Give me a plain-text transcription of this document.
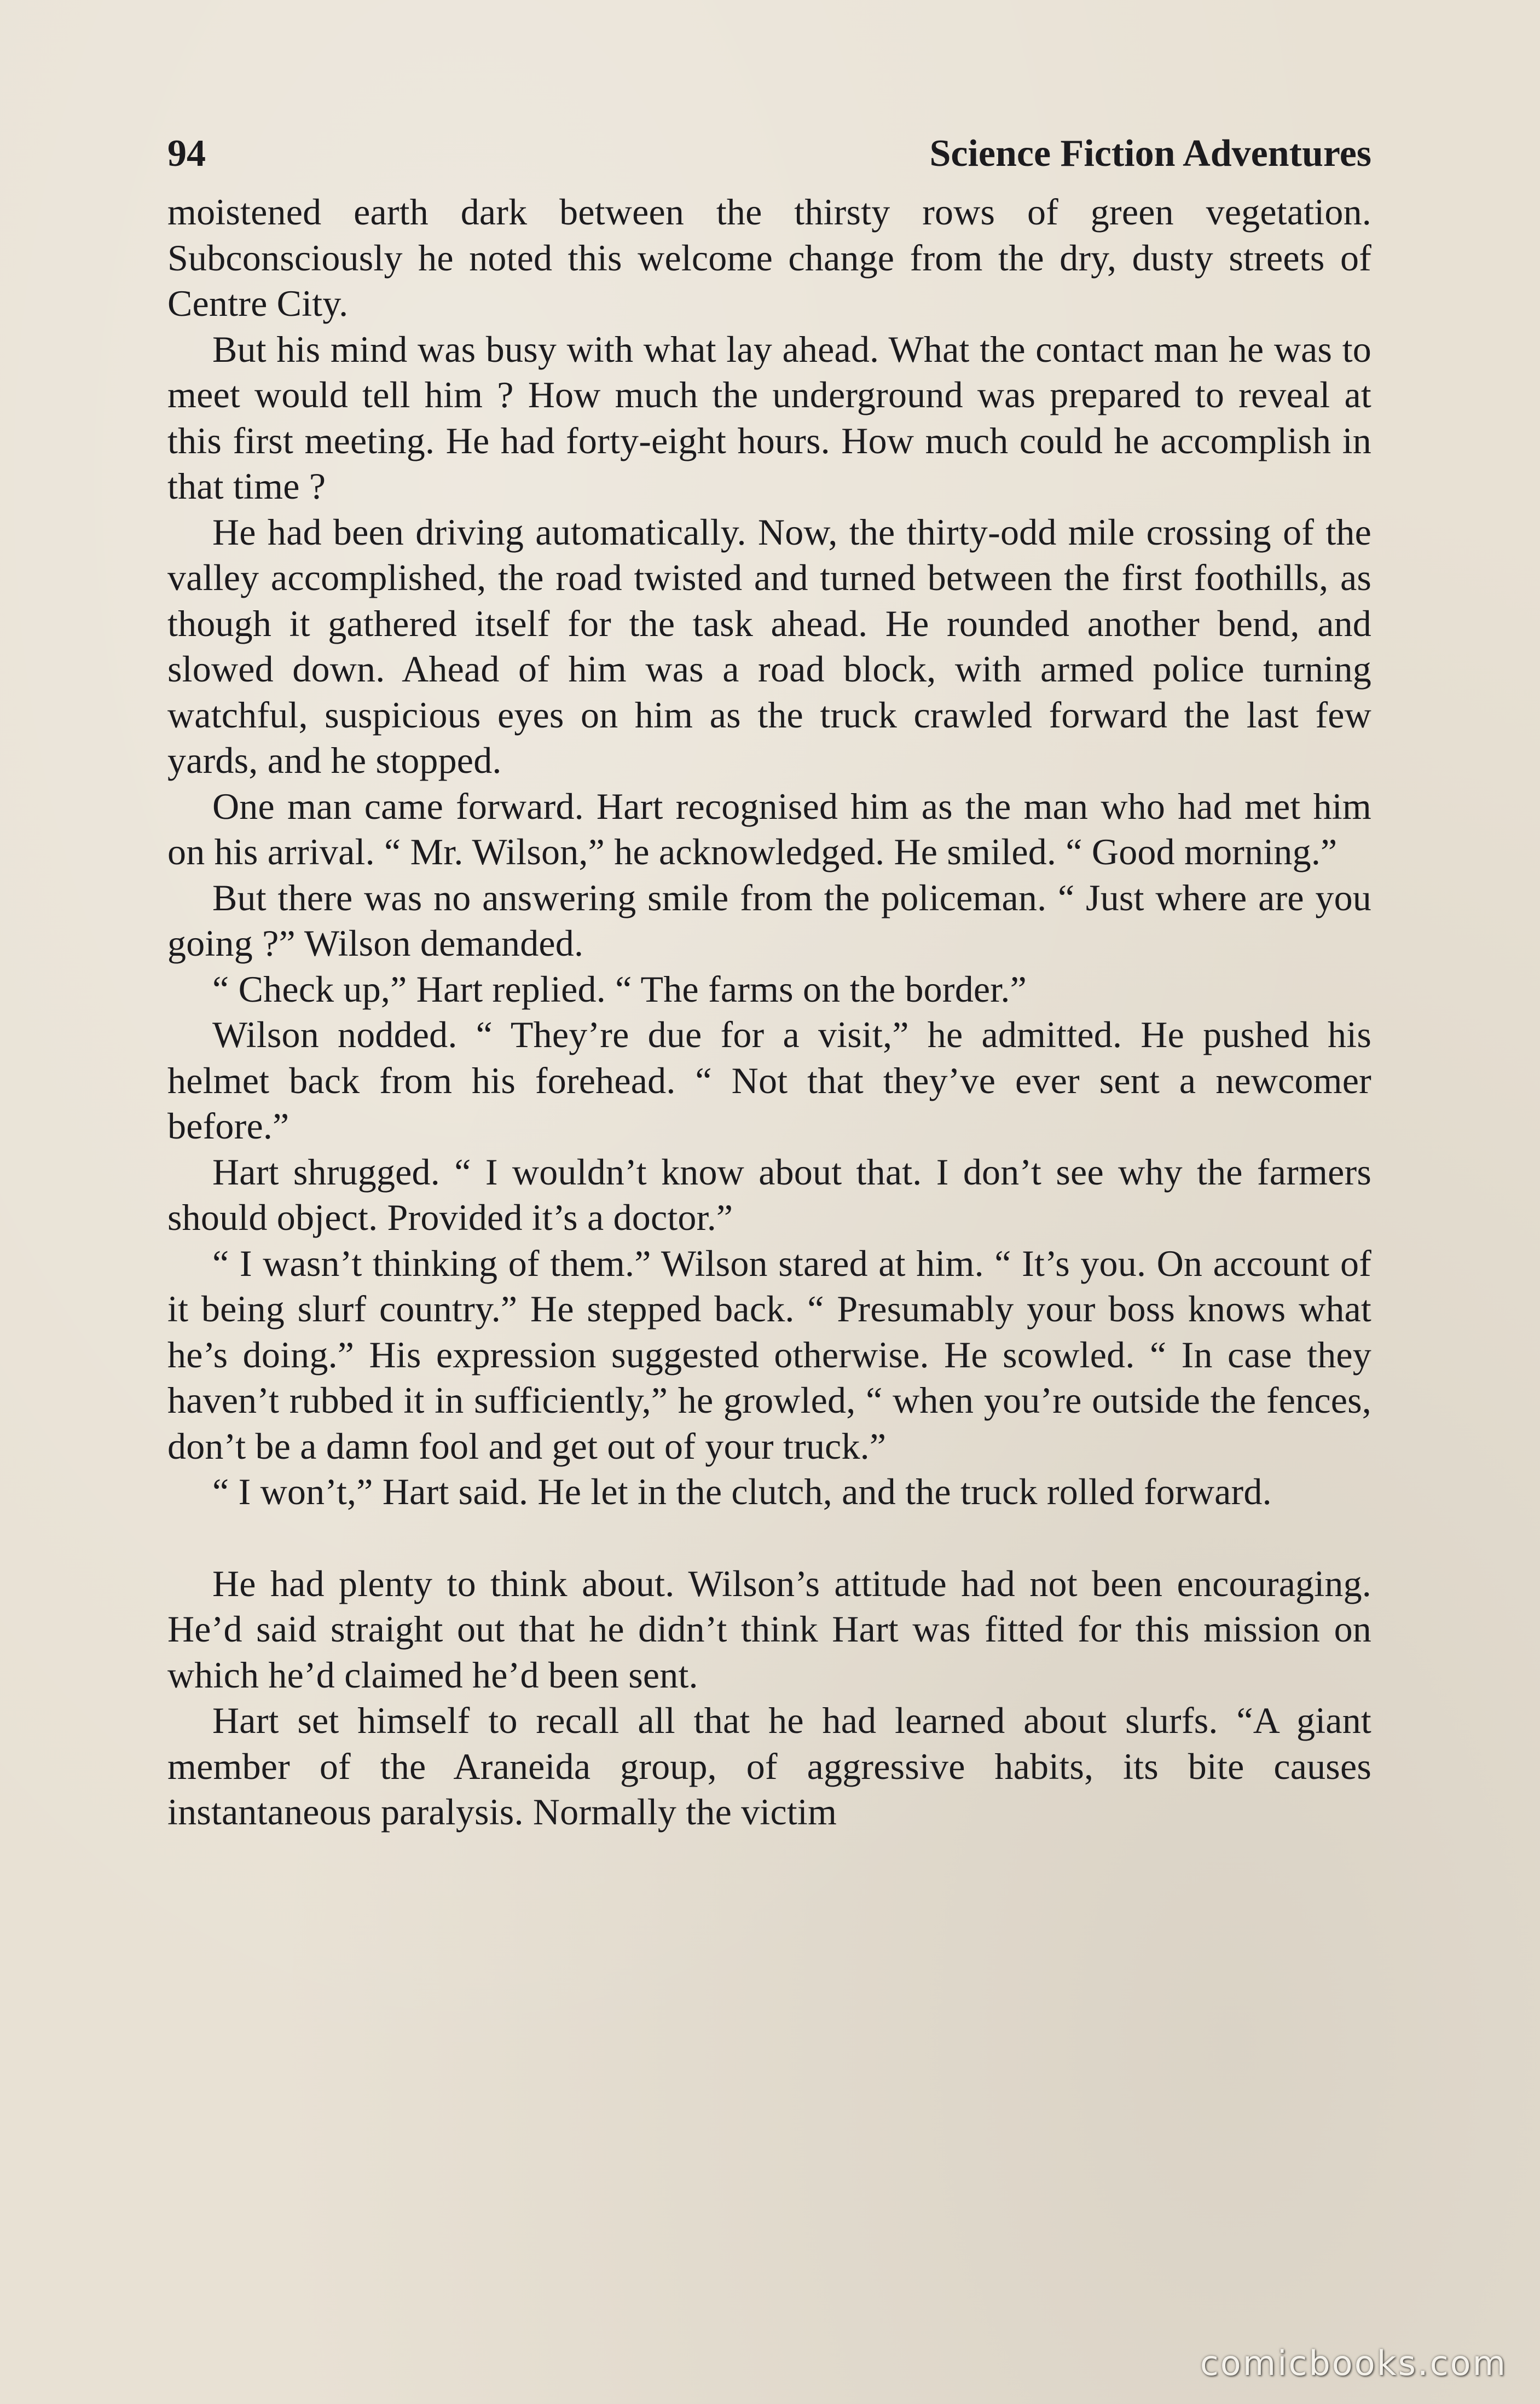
94	Science Fiction Adventures

moistened earth dark between the thirsty rows of green vegetation. Subconsciously he noted this welcome change from the dry, dusty streets of Centre City.

But his mind was busy with what lay ahead. What the contact man he was to meet would tell him ? How much the underground was prepared to reveal at this first meeting. He had forty-eight hours. How much could he accomplish in that time ?

He had been driving automatically. Now, the thirty-odd mile crossing of the valley accomplished, the road twisted and turned between the first foothills, as though it gathered itself for the task ahead. He rounded another bend, and slowed down. Ahead of him was a road block, with armed police turning watchful, suspicious eyes on him as the truck crawled forward the last few yards, and he stopped.

One man came forward. Hart recognised him as the man who had met him on his arrival. “ Mr. Wilson,” he acknowledged. He smiled. “ Good morning.”

But there was no answering smile from the policeman. “ Just where are you going ?” Wilson demanded.

“ Check up,” Hart replied. “ The farms on the border.”

Wilson nodded. “ They’re due for a visit,” he admitted. He pushed his helmet back from his forehead. “ Not that they’ve ever sent a newcomer before.”

Hart shrugged. “ I wouldn’t know about that. I don’t see why the farmers should object. Provided it’s a doctor.”

“ I wasn’t thinking of them.” Wilson stared at him. “ It’s you. On account of it being slurf country.” He stepped back. “ Presumably your boss knows what he’s doing.” His expression suggested otherwise. He scowled. “ In case they haven’t rubbed it in sufficiently,” he growled, “ when you’re outside the fences, don’t be a damn fool and get out of your truck.”

“ I won’t,” Hart said. He let in the clutch, and the truck rolled forward.

He had plenty to think about. Wilson’s attitude had not been encouraging. He’d said straight out that he didn’t think Hart was fitted for this mission on which he’d claimed he’d been sent.

Hart set himself to recall all that he had learned about slurfs. “A giant member of the Araneida group, of aggressive habits, its bite causes instantaneous paralysis. Normally the victim

comicbooks.com
